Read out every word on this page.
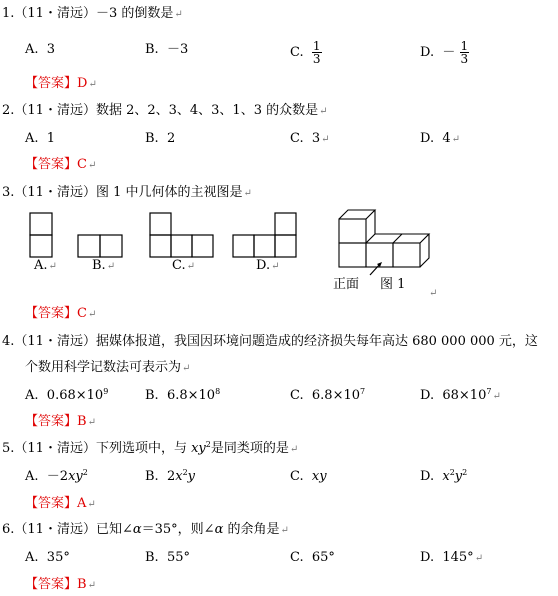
1.（11・清远）－3 的倒数是↵
A. 3	B. －3	C. $\frac{1}{3}$	D. － $\frac{1}{3}$
【答案】D↵
2.（11・清远）数据 2、2、3、4、3、1、3 的众数是↵
A. 1	B. 2	C. 3↵	D. 4↵
【答案】C↵
3.（11・清远）图 1 中几何体的主视图是↵
A.↵	B.↵	C.↵	D.↵
正面 图 1
↵
【答案】C↵
4.（11・清远）据媒体报道，我国因环境问题造成的经济损失每年高达 680 000 000 元，这
个数用科学记数法可表示为↵
A. $0.68\times 10^9$	B. $6.8\times 10^8$	C. $6.8\times 10^7$	D. $68\times 10^7↵$
【答案】B↵
5.（11・清远）下列选项中，与 $xy^2$是同类项的是↵
A. $-2xy^2$	B. $2x^2y$	C. xy	D. $x^2y^2$
【答案】A↵
6.（11・清远）已知∠α＝35°，则∠α 的余角是↵
A. 35°	B. 55°	C. 65°	D. 145°↵
【答案】B↵
